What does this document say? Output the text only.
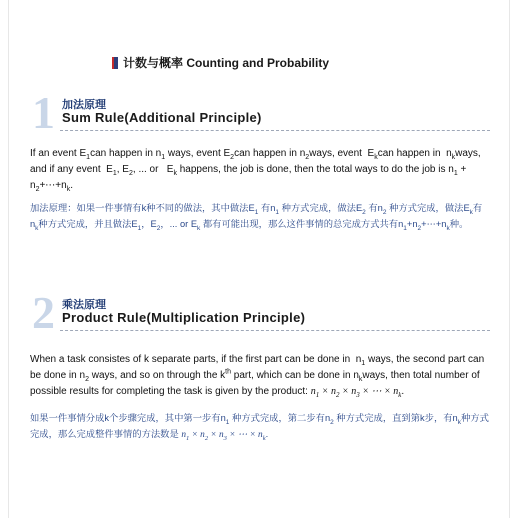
计数与概率 Counting and Probability
1 加法原理
Sum Rule(Additional Principle)

If an event $E_1can$ happen in $n_1$ ways, event $E_2can$ happen in $n_2ways$, event  $E_kcan$ happen in  $n_kways$, and if any event  $E_1$, $E_2$, ... or   $E_k$ happens, the job is done, then the total ways to do the job is $n_1$ + $n_2+\cdots+n_k$.

加法原理：如果一件事情有k种不同的做法，其中做法$E_1$ 有$n_1$ 种方式完成，做法$E_2$ 有$n_2$ 种方式完成，做法$E_k$有$n_k$种方式完成，并且做法$E_1$，$E_2$，... or $E_k$ 都有可能出现，那么这件事情的总完成方式共有$n_1+n_2+\cdots+n_k$种。

2 乘法原理
Product Rule(Multiplication Principle)

When a task consistes of k separate parts, if the first part can be done in  $n_1$ ways, the second part can be done in $n_2$ ways, and so on through the $k^{th}$ part, which can be done in $n_kways$, then total number of possible results for completing the task is given by the product: $n_1 \times n_2 \times n_3$ × ⋯ × $n_k$.

如果一件事情分成k个步骤完成，其中第一步有$n_1$ 种方式完成，第二步有$n_2$ 种方式完成，直到第k步，有$n_k$种方式完成，那么完成整件事情的方法数是 $n_1 \times n_2 \times n_3$ × ⋯ × $n_k$.
